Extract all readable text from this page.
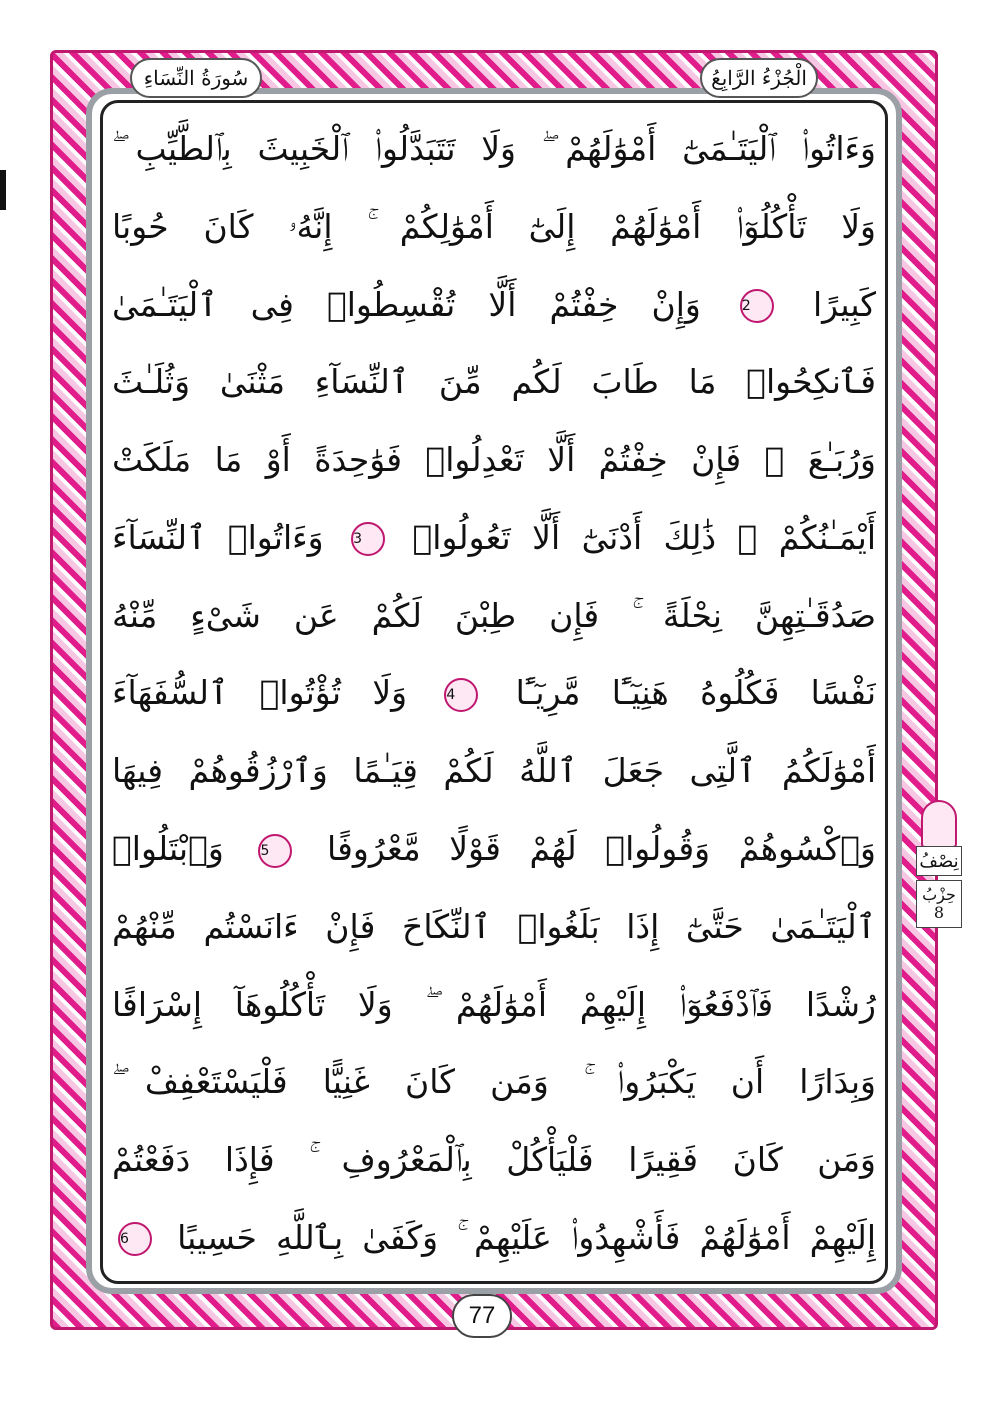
الْجُزْءُ الرَّابِعُ
سُورَةُ النِّسَاءِ
وَءَاتُوا۟ ٱلْيَتَـٰمَىٰٓ أَمْوَٰلَهُمْ ۖ وَلَا تَتَبَدَّلُوا۟ ٱلْخَبِيثَ بِٱلطَّيِّبِ ۖ
وَلَا تَأْكُلُوٓا۟ أَمْوَٰلَهُمْ إِلَىٰٓ أَمْوَٰلِكُمْ ۚ إِنَّهُۥ كَانَ حُوبًا
كَبِيرًا 2 وَإِنْ خِفْتُمْ أَلَّا تُقْسِطُوا۟ فِى ٱلْيَتَـٰمَىٰ
فَٱنكِحُوا۟ مَا طَابَ لَكُم مِّنَ ٱلنِّسَآءِ مَثْنَىٰ وَثُلَـٰثَ
وَرُبَـٰعَ ۖ فَإِنْ خِفْتُمْ أَلَّا تَعْدِلُوا۟ فَوَٰحِدَةً أَوْ مَا مَلَكَتْ
أَيْمَـٰنُكُمْ ۚ ذَٰلِكَ أَدْنَىٰٓ أَلَّا تَعُولُوا۟ 3 وَءَاتُوا۟ ٱلنِّسَآءَ
صَدُقَـٰتِهِنَّ نِحْلَةً ۚ فَإِن طِبْنَ لَكُمْ عَن شَىْءٍ مِّنْهُ
نَفْسًا فَكُلُوهُ هَنِيٓـًٔا مَّرِيٓـًٔا 4 وَلَا تُؤْتُوا۟ ٱلسُّفَهَآءَ
أَمْوَٰلَكُمُ ٱلَّتِى جَعَلَ ٱللَّهُ لَكُمْ قِيَـٰمًا وَٱرْزُقُوهُمْ فِيهَا
وَٱكْسُوهُمْ وَقُولُوا۟ لَهُمْ قَوْلًا مَّعْرُوفًا 5 وَٱبْتَلُوا۟
ٱلْيَتَـٰمَىٰ حَتَّىٰٓ إِذَا بَلَغُوا۟ ٱلنِّكَاحَ فَإِنْ ءَانَسْتُم مِّنْهُمْ
رُشْدًا فَٱدْفَعُوٓا۟ إِلَيْهِمْ أَمْوَٰلَهُمْ ۖ وَلَا تَأْكُلُوهَآ إِسْرَافًا
وَبِدَارًا أَن يَكْبَرُوا۟ ۚ وَمَن كَانَ غَنِيًّا فَلْيَسْتَعْفِفْ ۖ
وَمَن كَانَ فَقِيرًا فَلْيَأْكُلْ بِٱلْمَعْرُوفِ ۚ فَإِذَا دَفَعْتُمْ
إِلَيْهِمْ أَمْوَٰلَهُمْ فَأَشْهِدُوا۟ عَلَيْهِمْ ۚ وَكَفَىٰ بِٱللَّهِ حَسِيبًا 6
77
نِصْفُ
حِزْبُ
8
